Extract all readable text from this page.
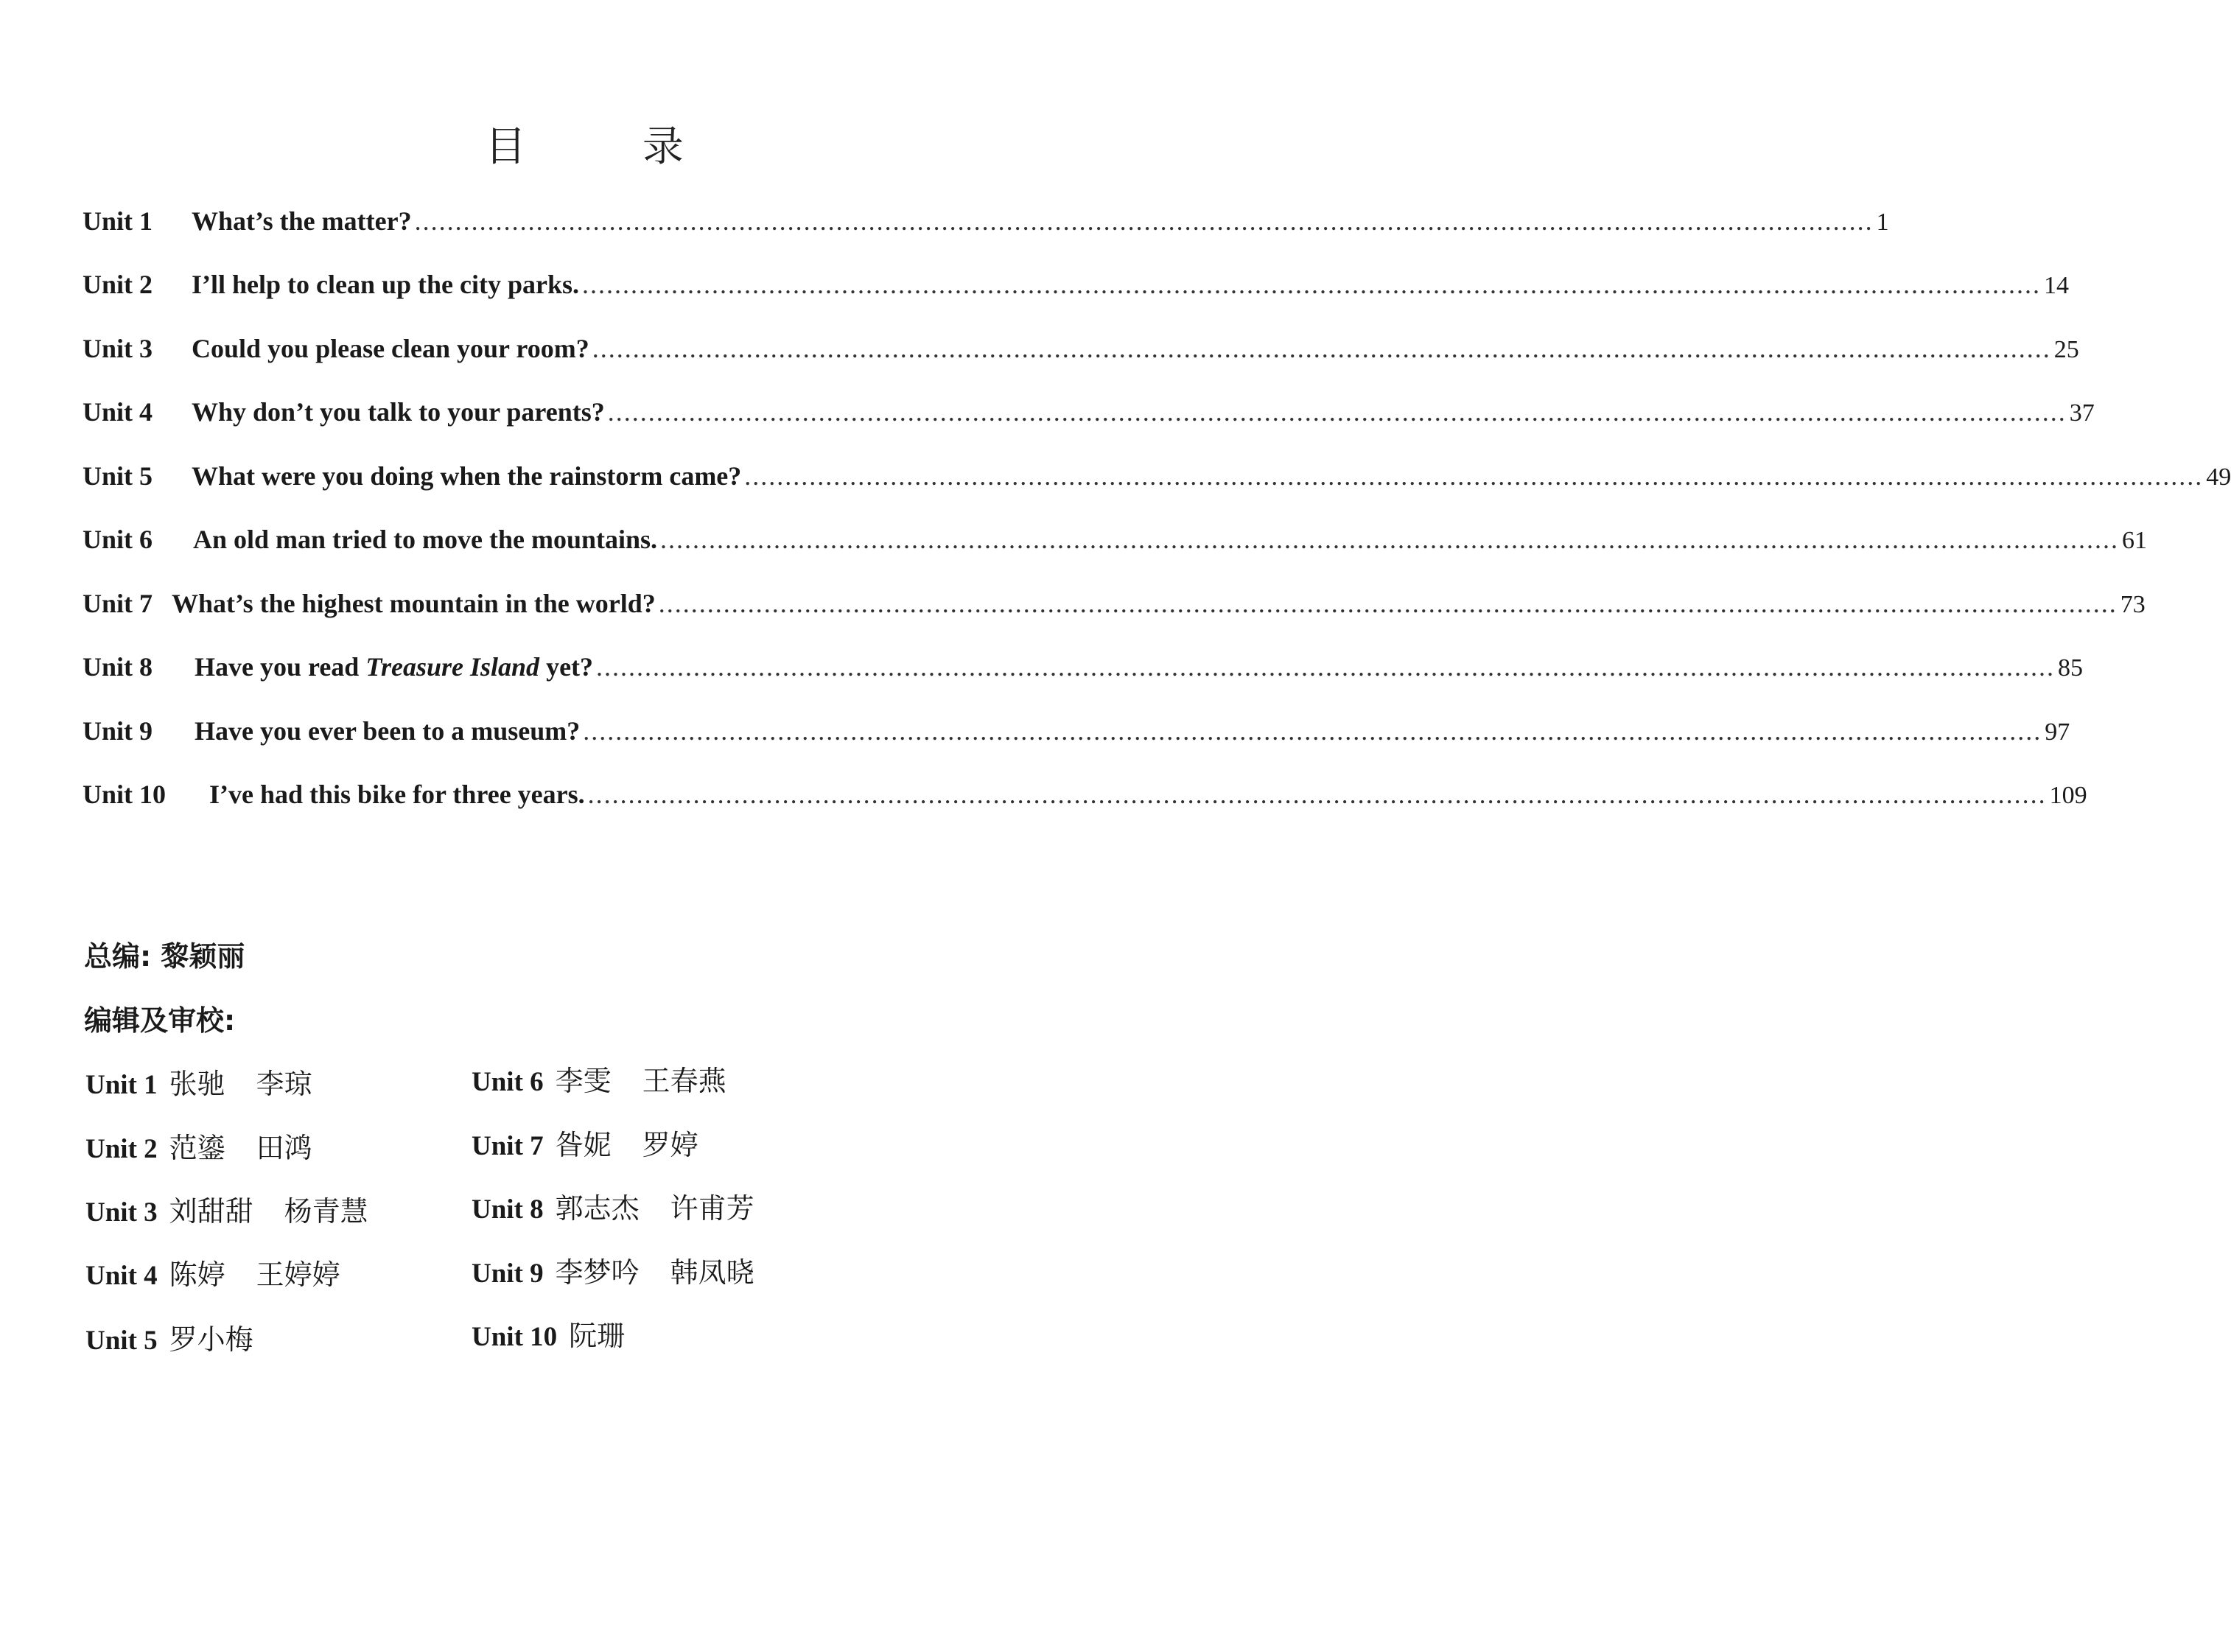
目 录
Unit 1	What’s the matter? .................................................................................................................................................................................... 1
Unit 2	I’ll help to clean up the city parks. .................................................................................................................................................................................... 14
Unit 3	Could you please clean your room? .................................................................................................................................................................................... 25
Unit 4	Why don’t you talk to your parents? .................................................................................................................................................................................... 37
Unit 5	What were you doing when the rainstorm came? .................................................................................................................................................................................... 49
Unit 6	An old man tried to move the mountains. .................................................................................................................................................................................... 61
Unit 7 What’s the highest mountain in the world? .................................................................................................................................................................................... 73
Unit 8	Have you read Treasure Island yet? .................................................................................................................................................................................... 85
Unit 9	Have you ever been to a museum? .................................................................................................................................................................................... 97
Unit 10	I’ve had this bike for three years. .................................................................................................................................................................................... 109
总编: 黎颖丽
编辑及审校:
Unit 1 张驰 李琼
Unit 2 范鎏 田鸿
Unit 3 刘甜甜 杨青慧
Unit 4 陈婷 王婷婷
Unit 5 罗小梅
Unit 6 李雯 王春燕
Unit 7 昝妮 罗婷
Unit 8 郭志杰 许甫芳
Unit 9 李梦吟 韩凤晓
Unit 10 阮珊
